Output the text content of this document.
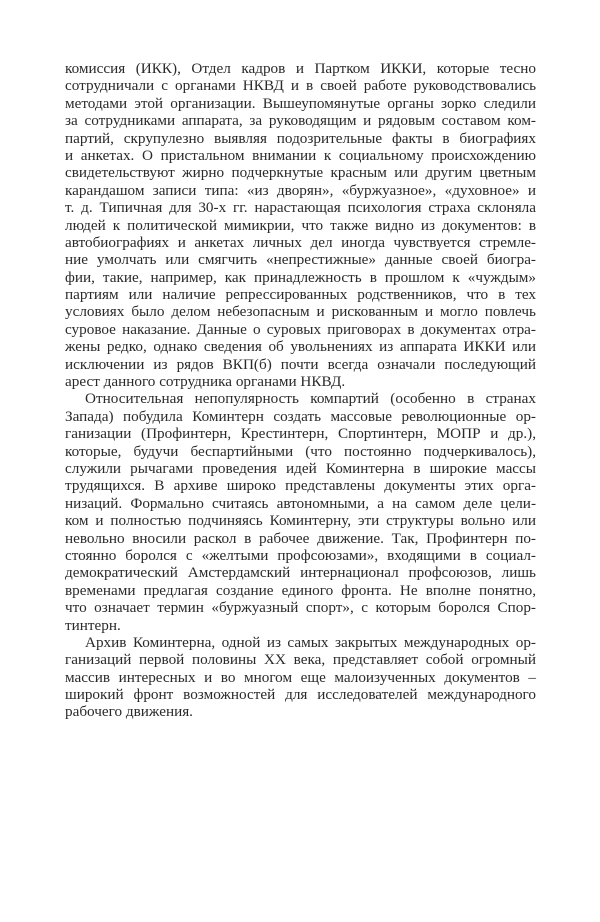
комиссия (ИКК), Отдел кадров и Партком ИККИ, которые тесно
сотрудничали с органами НКВД и в своей работе руководствовались
методами этой организации. Вышеупомянутые органы зорко следили
за сотрудниками аппарата, за руководящим и рядовым составом ком-
партий, скрупулезно выявляя подозрительные факты в биографиях
и анкетах. О пристальном внимании к социальному происхождению
свидетельствуют жирно подчеркнутые красным или другим цветным
карандашом записи типа: «из дворян», «буржуазное», «духовное» и
т. д. Типичная для 30-х гг. нарастающая психология страха склоняла
людей к политической мимикрии, что также видно из документов: в
автобиографиях и анкетах личных дел иногда чувствуется стремле-
ние умолчать или смягчить «непрестижные» данные своей биогра-
фии, такие, например, как принадлежность в прошлом к «чуждым»
партиям или наличие репрессированных родственников, что в тех
условиях было делом небезопасным и рискованным и могло повлечь
суровое наказание. Данные о суровых приговорах в документах отра-
жены редко, однако сведения об увольнениях из аппарата ИККИ или
исключении из рядов ВКП(б) почти всегда означали последующий
арест данного сотрудника органами НКВД.
Относительная непопулярность компартий (особенно в странах
Запада) побудила Коминтерн создать массовые революционные ор-
ганизации (Профинтерн, Крестинтерн, Спортинтерн, МОПР и др.),
которые, будучи беспартийными (что постоянно подчеркивалось),
служили рычагами проведения идей Коминтерна в широкие массы
трудящихся. В архиве широко представлены документы этих орга-
низаций. Формально считаясь автономными, а на самом деле цели-
ком и полностью подчиняясь Коминтерну, эти структуры вольно или
невольно вносили раскол в рабочее движение. Так, Профинтерн по-
стоянно боролся с «желтыми профсоюзами», входящими в социал-
демократический Амстердамский интернационал профсоюзов, лишь
временами предлагая создание единого фронта. Не вполне понятно,
что означает термин «буржуазный спорт», с которым боролся Спор-
тинтерн.
Архив Коминтерна, одной из самых закрытых международных ор-
ганизаций первой половины XX века, представляет собой огромный
массив интересных и во многом еще малоизученных документов –
широкий фронт возможностей для исследователей международного
рабочего движения.
